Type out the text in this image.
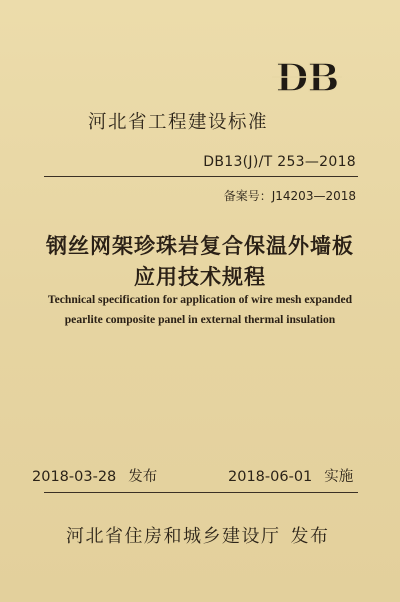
DB
河北省工程建设标准
DB13(J)/T 253—2018
备案号：J14203—2018
钢丝网架珍珠岩复合保温外墙板
应用技术规程
Technical specification for application of wire mesh expanded
pearlite composite panel in external thermal insulation
2018-03-28 发布	2018-06-01 实施
河北省住房和城乡建设厅 发布
